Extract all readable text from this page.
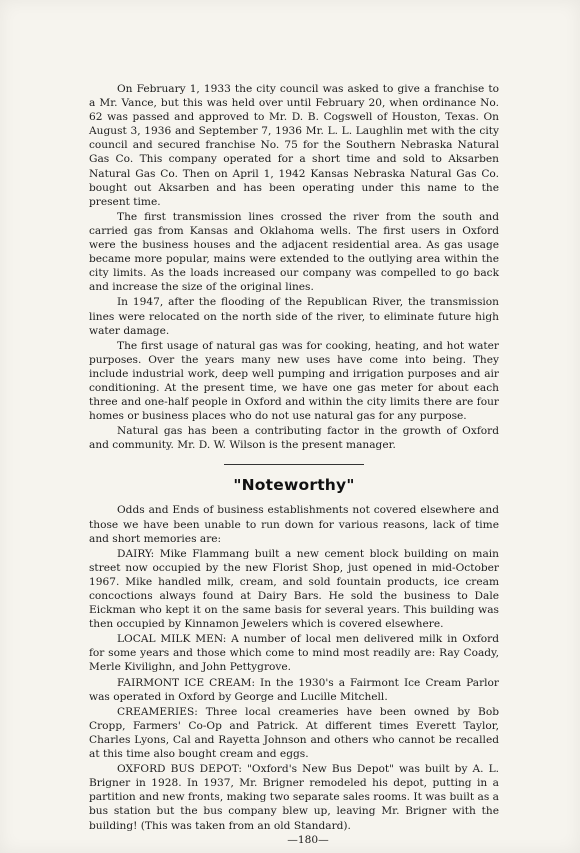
On February 1, 1933 the city council was asked to give a franchise to a Mr. Vance, but this was held over until February 20, when ordinance No. 62 was passed and approved to Mr. D. B. Cogswell of Houston, Texas. On August 3, 1936 and September 7, 1936 Mr. L. L. Laughlin met with the city council and secured franchise No. 75 for the Southern Nebraska Natural Gas Co. This company operated for a short time and sold to Aksarben Natural Gas Co. Then on April 1, 1942 Kansas Nebraska Natural Gas Co. bought out Aksarben and has been operating under this name to the present time.

The first transmission lines crossed the river from the south and carried gas from Kansas and Oklahoma wells. The first users in Oxford were the business houses and the adjacent residential area. As gas usage became more popular, mains were extended to the outlying area within the city limits. As the loads increased our company was compelled to go back and increase the size of the original lines.

In 1947, after the flooding of the Republican River, the transmission lines were relocated on the north side of the river, to eliminate future high water damage.

The first usage of natural gas was for cooking, heating, and hot water purposes. Over the years many new uses have come into being. They include industrial work, deep well pumping and irrigation purposes and air conditioning. At the present time, we have one gas meter for about each three and one-half people in Oxford and within the city limits there are four homes or business places who do not use natural gas for any purpose.

Natural gas has been a contributing factor in the growth of Oxford and community. Mr. D. W. Wilson is the present manager.

"Noteworthy"

Odds and Ends of business establishments not covered elsewhere and those we have been unable to run down for various reasons, lack of time and short memories are:

DAIRY: Mike Flammang built a new cement block building on main street now occupied by the new Florist Shop, just opened in mid-October 1967. Mike handled milk, cream, and sold fountain products, ice cream concoctions always found at Dairy Bars. He sold the business to Dale Eickman who kept it on the same basis for several years. This building was then occupied by Kinnamon Jewelers which is covered elsewhere.

LOCAL MILK MEN: A number of local men delivered milk in Oxford for some years and those which come to mind most readily are: Ray Coady, Merle Kivilighn, and John Pettygrove.

FAIRMONT ICE CREAM: In the 1930's a Fairmont Ice Cream Parlor was operated in Oxford by George and Lucille Mitchell.

CREAMERIES: Three local creameries have been owned by Bob Cropp, Farmers' Co-Op and Patrick. At different times Everett Taylor, Charles Lyons, Cal and Rayetta Johnson and others who cannot be recalled at this time also bought cream and eggs.

OXFORD BUS DEPOT: "Oxford's New Bus Depot" was built by A. L. Brigner in 1928. In 1937, Mr. Brigner remodeled his depot, putting in a partition and new fronts, making two separate sales rooms. It was built as a bus station but the bus company blew up, leaving Mr. Brigner with the building! (This was taken from an old Standard).

—180—
